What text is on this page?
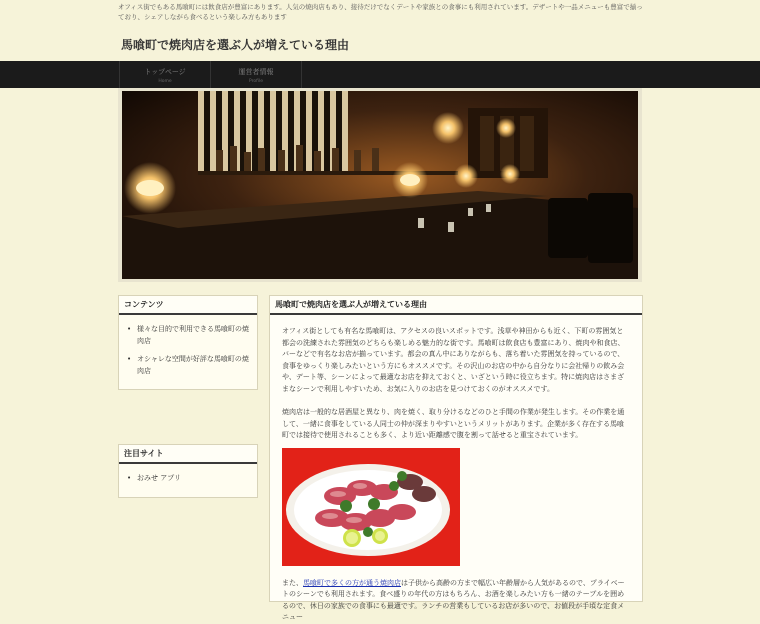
オフィス街でもある馬喰町には飲食店が豊富にあります。人気の焼肉店もあり、接待だけでなくデートや家族との食事にも利用されています。デザートや一品メニューも豊富で揃っており、シェアしながら食べるという楽しみ方もあります
馬喰町で焼肉店を選ぶ人が増えている理由
トップページ
Home
運営者情報
Profile
コンテンツ
• 様々な目的で利用できる馬喰町の焼肉店
• オシャレな空間が好評な馬喰町の焼肉店
注目サイト
• おみせ アプリ
馬喰町で焼肉店を選ぶ人が増えている理由

オフィス街としても有名な馬喰町は、アクセスの良いスポットです。浅草や神田からも近く、下町の雰囲気と都会の洗練された雰囲気のどちらも楽しめる魅力的な街です。馬喰町は飲食店も豊富にあり、焼肉や和食店、バーなどで有名なお店が揃っています。都会の真ん中にありながらも、落ち着いた雰囲気を持っているので、食事をゆっくり楽しみたいという方にもオススメです。その沢山のお店の中から自分なりに会社帰りの飲み会や、デート等、シーンによって最適なお店を抑えておくと、いざという時に役立ちます。特に焼肉店はさまざまなシーンで利用しやすいため、お気に入りのお店を見つけておくのがオススメです。

焼肉店は一般的な居酒屋と異なり、肉を焼く、取り分けるなどのひと手間の作業が発生します。その作業を通して、一緒に食事をしている人同士の仲が深まりやすいというメリットがあります。企業が多く存在する馬喰町では接待で使用されることも多く、より近い距離感で腹を割って話せると重宝されています。

また、馬喰町で多くの方が通う焼肉店は子供から高齢の方まで幅広い年齢層から人気があるので、プライベートのシーンでも利用されます。食べ盛りの年代の方はもちろん、お酒を楽しみたい方も一緒のテーブルを囲めるので、休日の家族での食事にも最適です。ランチの営業もしているお店が多いので、お値段が手頃な定食メニュー
